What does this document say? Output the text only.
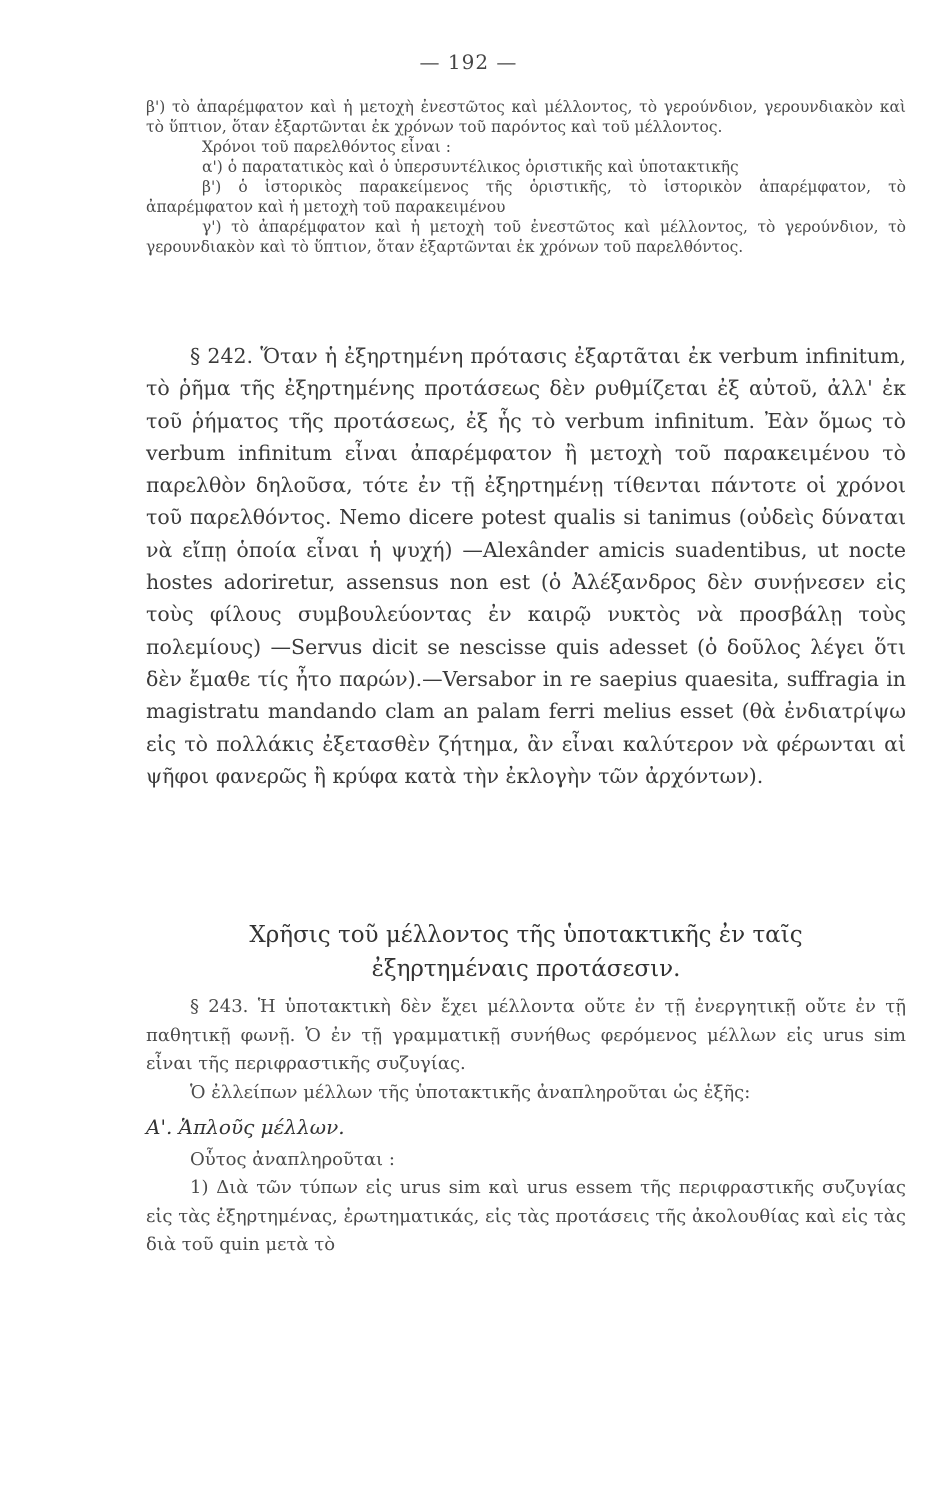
— 192 —

β') τὸ ἀπαρέμφατον καὶ ἡ μετοχὴ ἐνεστῶτος καὶ μέλλοντος, τὸ γερούνδιον, γερουνδιακὸν καὶ τὸ ὕπτιον, ὅταν ἐξαρτῶνται ἐκ χρόνων τοῦ παρόντος καὶ τοῦ μέλλοντος.

Χρόνοι τοῦ παρελθόντος εἶναι :

α') ὁ παρατατικὸς καὶ ὁ ὑπερσυντέλικος ὁριστικῆς καὶ ὑποτακτικῆς

β') ὁ ἱστορικὸς παρακείμενος τῆς ὁριστικῆς, τὸ ἱστορικὸν ἀπαρέμφατον, τὸ ἀπαρέμφατον καὶ ἡ μετοχὴ τοῦ παρακειμένου

γ') τὸ ἀπαρέμφατον καὶ ἡ μετοχὴ τοῦ ἐνεστῶτος καὶ μέλλοντος, τὸ γερούνδιον, τὸ γερουνδιακὸν καὶ τὸ ὕπτιον, ὅταν ἐξαρτῶνται ἐκ χρόνων τοῦ παρελθόντος.

§ 242. Ὅταν ἡ ἐξηρτημένη πρότασις ἐξαρτᾶται ἐκ verbum infinitum, τὸ ῥῆμα τῆς ἐξηρτημένης προτάσεως δὲν ρυθμίζεται ἐξ αὐτοῦ, ἀλλ' ἐκ τοῦ ῥήματος τῆς προτάσεως, ἐξ ἧς τὸ verbum infinitum. Ἐὰν ὅμως τὸ verbum infinitum εἶναι ἀπαρέμφατον ἢ μετοχὴ τοῦ παρακειμένου τὸ παρελθὸν δηλοῦσα, τότε ἐν τῇ ἐξηρτημένῃ τίθενται πάντοτε οἱ χρόνοι τοῦ παρελθόντος. Nemo dicere potest qualis si tanimus (οὐδεὶς δύναται νὰ εἴπῃ ὁποία εἶναι ἡ ψυχή) —Alexânder amicis suadentibus, ut nocte hostes adoriretur, assensus non est (ὁ Ἀλέξανδρος δὲν συνῄνεσεν εἰς τοὺς φίλους συμβουλεύοντας ἐν καιρῷ νυκτὸς νὰ προσβάλῃ τοὺς πολεμίους) —Servus dicit se nescisse quis adesset (ὁ δοῦλος λέγει ὅτι δὲν ἔμαθε τίς ἦτο παρών).—Versabor in re saepius quaesita, suffragia in magistratu mandando clam an palam ferri melius esset (θὰ ἐνδιατρίψω εἰς τὸ πολλάκις ἐξετασθὲν ζήτημα, ἂν εἶναι καλύτερον νὰ φέρωνται αἱ ψῆφοι φανερῶς ἢ κρύφα κατὰ τὴν ἐκλογὴν τῶν ἀρχόντων).

Χρῆσις τοῦ μέλλοντος τῆς ὑποτακτικῆς ἐν ταῖς
ἐξηρτημέναις προτάσεσιν.

§ 243. Ἡ ὑποτακτικὴ δὲν ἔχει μέλλοντα οὔτε ἐν τῇ ἐνεργητικῇ οὔτε ἐν τῇ παθητικῇ φωνῇ. Ὁ ἐν τῇ γραμματικῇ συνήθως φερόμενος μέλλων εἰς urus sim εἶναι τῆς περιφραστικῆς συζυγίας.

Ὁ ἐλλείπων μέλλων τῆς ὑποτακτικῆς ἀναπληροῦται ὡς ἑξῆς:

Α'. Ἁπλοῦς μέλλων.

Οὗτος ἀναπληροῦται :

1) Διὰ τῶν τύπων εἰς urus sim καὶ urus essem τῆς περιφραστικῆς συζυγίας εἰς τὰς ἐξηρτημένας, ἐρωτηματικάς, εἰς τὰς προτάσεις τῆς ἀκολουθίας καὶ εἰς τὰς διὰ τοῦ quin μετὰ τὸ
